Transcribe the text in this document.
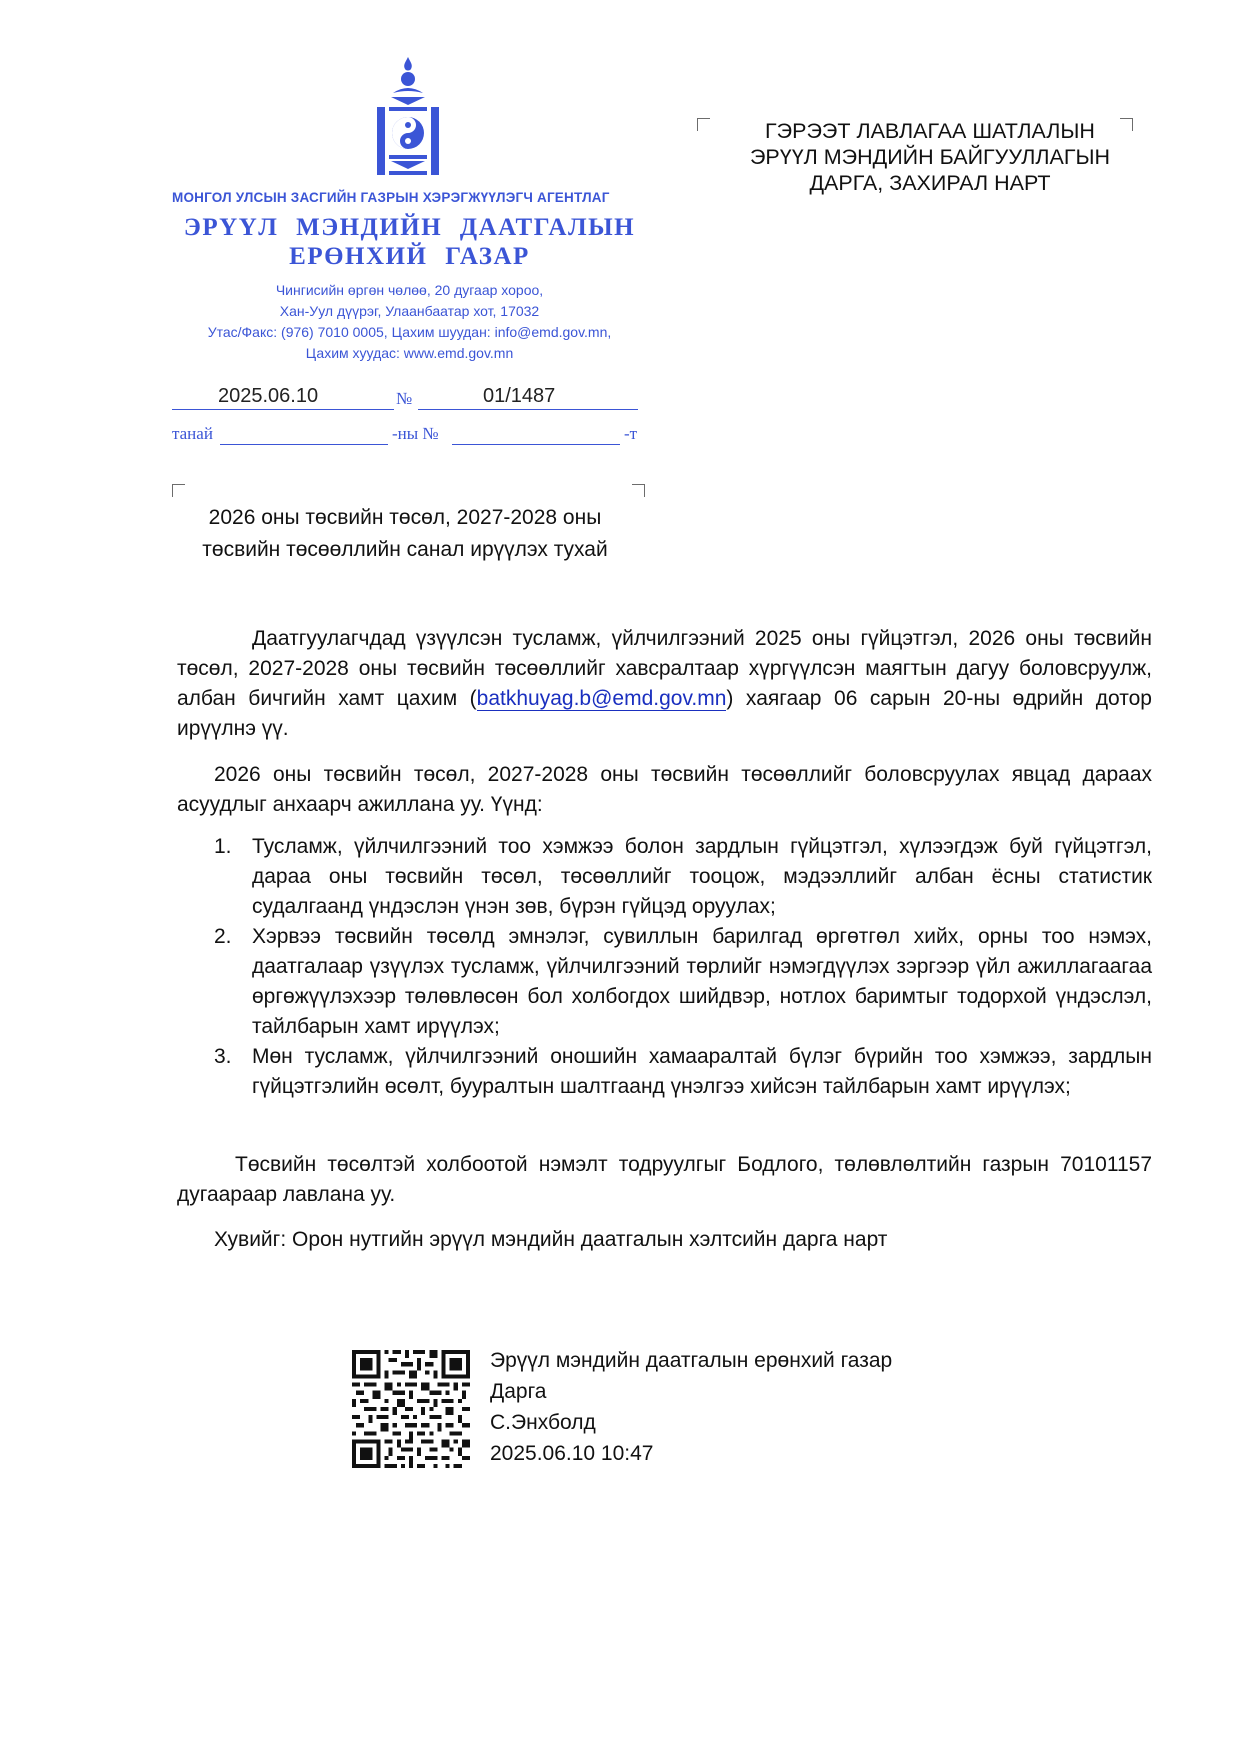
МОНГОЛ УЛСЫН ЗАСГИЙН ГАЗРЫН ХЭРЭГЖҮҮЛЭГЧ АГЕНТЛАГ
ЭРҮҮЛ МЭНДИЙН ДААТГАЛЫН
ЕРӨНХИЙ ГАЗАР
Чингисийн өргөн чөлөө, 20 дугаар хороо,
Хан-Уул дүүрэг, Улаанбаатар хот, 17032
Утас/Факс: (976) 7010 0005, Цахим шуудан: info@emd.gov.mn,
Цахим хуудас: www.emd.gov.mn
2025.06.10	№	01/1487
танай	-ны №	-т
ГЭРЭЭТ ЛАВЛАГАА ШАТЛАЛЫН
ЭРҮҮЛ МЭНДИЙН БАЙГУУЛЛАГЫН
ДАРГА, ЗАХИРАЛ НАРТ
2026 оны төсвийн төсөл, 2027-2028 оны
төсвийн төсөөллийн санал ирүүлэх тухай
Даатгуулагчдад үзүүлсэн тусламж, үйлчилгээний 2025 оны гүйцэтгэл, 2026 оны төсвийн төсөл, 2027-2028 оны төсвийн төсөөллийг хавсралтаар хүргүүлсэн маягтын дагуу боловсруулж, албан бичгийн хамт цахим (batkhuyag.b@emd.gov.mn) хаягаар 06 сарын 20-ны өдрийн дотор ирүүлнэ үү.
2026 оны төсвийн төсөл, 2027-2028 оны төсвийн төсөөллийг боловсруулах явцад дараах асуудлыг анхаарч ажиллана уу. Үүнд:
1. Тусламж, үйлчилгээний тоо хэмжээ болон зардлын гүйцэтгэл, хүлээгдэж буй гүйцэтгэл, дараа оны төсвийн төсөл, төсөөллийг тооцож, мэдээллийг албан ёсны статистик судалгаанд үндэслэн үнэн зөв, бүрэн гүйцэд оруулах;
2. Хэрвээ төсвийн төсөлд эмнэлэг, сувиллын барилгад өргөтгөл хийх, орны тоо нэмэх, даатгалаар үзүүлэх тусламж, үйлчилгээний төрлийг нэмэгдүүлэх зэргээр үйл ажиллагаагаа өргөжүүлэхээр төлөвлөсөн бол холбогдох шийдвэр, нотлох баримтыг тодорхой үндэслэл, тайлбарын хамт ирүүлэх;
3. Мөн тусламж, үйлчилгээний оношийн хамааралтай бүлэг бүрийн тоо хэмжээ, зардлын гүйцэтгэлийн өсөлт, бууралтын шалтгаанд үнэлгээ хийсэн тайлбарын хамт ирүүлэх;
Төсвийн төсөлтэй холбоотой нэмэлт тодруулгыг Бодлого, төлөвлөлтийн газрын 70101157 дугаараар лавлана уу.
Хувийг: Орон нутгийн эрүүл мэндийн даатгалын хэлтсийн дарга нарт
Эрүүл мэндийн даатгалын ерөнхий газар
Дарга
С.Энхболд
2025.06.10 10:47
